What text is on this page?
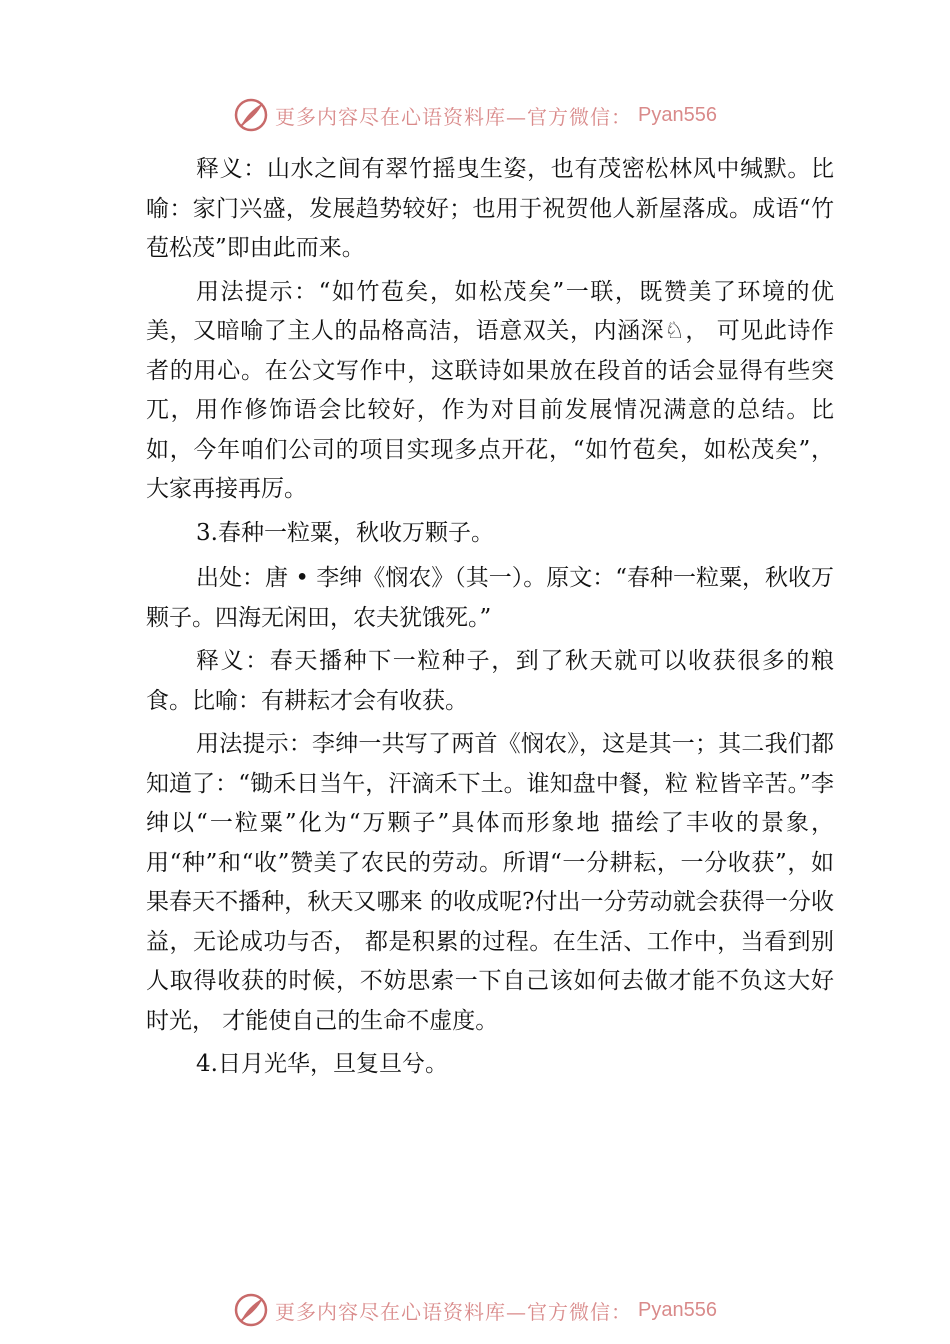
更多内容尽在心语资料库—官方微信： Pyan556

释义：山水之间有翠竹摇曳生姿，也有茂密松林风中缄默。比喻：家门兴盛，发展趋势较好；也用于祝贺他人新屋落成。成语“竹苞松茂”即由此而来。

用法提示：“如竹苞矣，如松茂矣”一联，既赞美了环境的优美，又暗喻了主人的品格高洁，语意双关，内涵深♘， 可见此诗作者的用心。在公文写作中，这联诗如果放在段首的话会显得有些突兀，用作修饰语会比较好，作为对目前发展情况满意的总结。比如，今年咱们公司的项目实现多点开花，“如竹苞矣，如松茂矣”，大家再接再厉。

3.春种一粒粟，秋收万颗子。

出处：唐 • 李绅《悯农》（其一）。原文：“春种一粒粟，秋收万颗子。四海无闲田，农夫犹饿死。”

释义：春天播种下一粒种子，到了秋天就可以收获很多的粮食。比喻：有耕耘才会有收获。

用法提示：李绅一共写了两首《悯农》，这是其一；其二我们都知道了：“锄禾日当午，汗滴禾下土。谁知盘中餐，粒 粒皆辛苦。”李绅以“一粒粟”化为“万颗子”具体而形象地 描绘了丰收的景象，用“种”和“收”赞美了农民的劳动。所谓“一分耕耘，一分收获”，如果春天不播种，秋天又哪来 的收成呢?付出一分劳动就会获得一分收益，无论成功与否， 都是积累的过程。在生活、工作中，当看到别人取得收获的时候，不妨思索一下自己该如何去做才能不负这大好时光， 才能使自己的生命不虚度。

4.日月光华，旦复旦兮。

更多内容尽在心语资料库—官方微信： Pyan556
